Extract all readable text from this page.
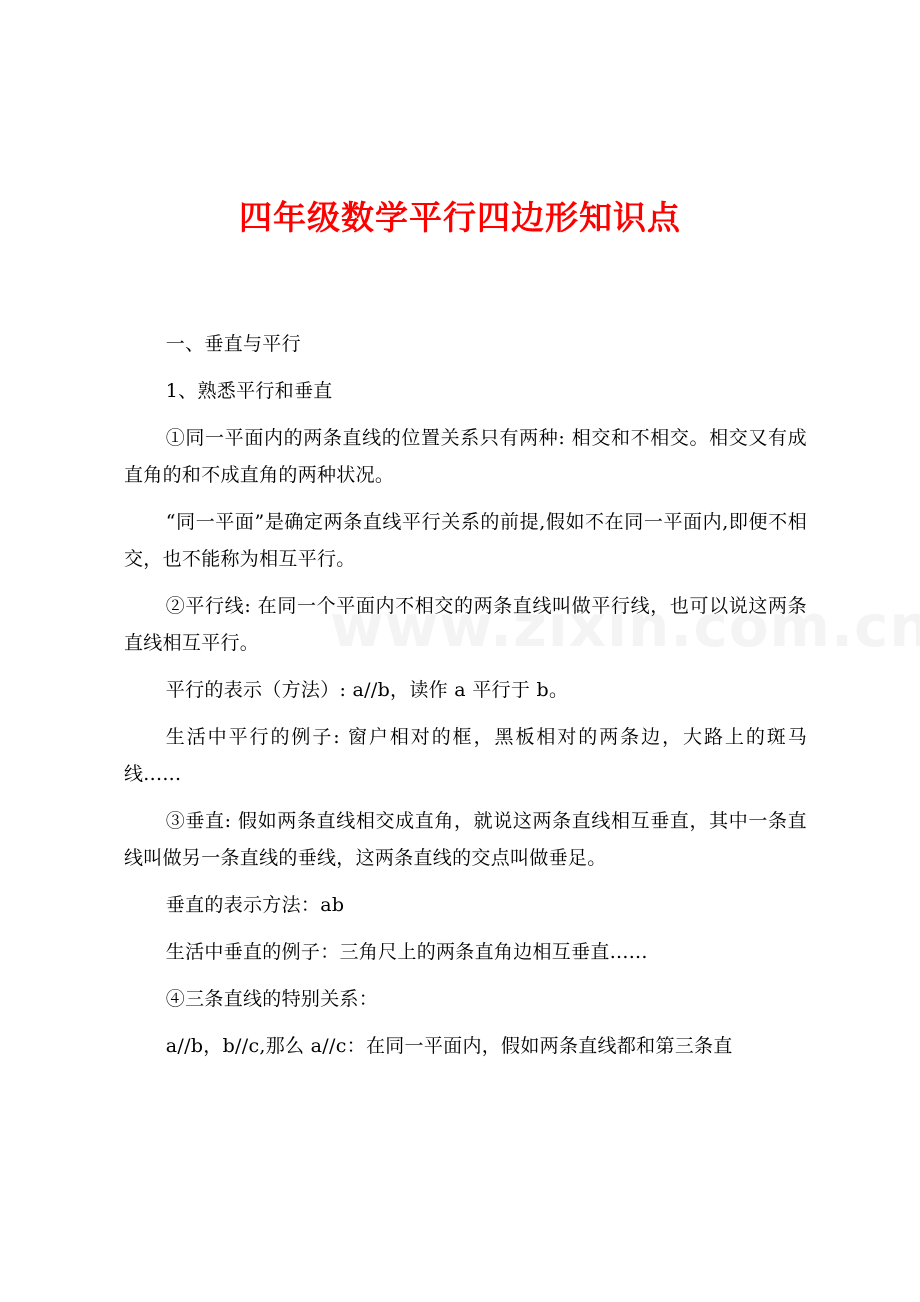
四年级数学平行四边形知识点

一、垂直与平行

1、熟悉平行和垂直

①同一平面内的两条直线的位置关系只有两种: 相交和不相交。相交又有成直角的和不成直角的两种状况。

“同一平面”是确定两条直线平行关系的前提,假如不在同一平面内,即便不相交，也不能称为相互平行。

②平行线: 在同一个平面内不相交的两条直线叫做平行线，也可以说这两条直线相互平行。

平行的表示（方法）: a//b，读作 a 平行于 b。

生活中平行的例子: 窗户相对的框，黑板相对的两条边，大路上的斑马线......

③垂直: 假如两条直线相交成直角，就说这两条直线相互垂直，其中一条直线叫做另一条直线的垂线，这两条直线的交点叫做垂足。

垂直的表示方法：ab

生活中垂直的例子：三角尺上的两条直角边相互垂直......

④三条直线的特别关系：

a//b，b//c,那么 a//c：在同一平面内，假如两条直线都和第三条直
